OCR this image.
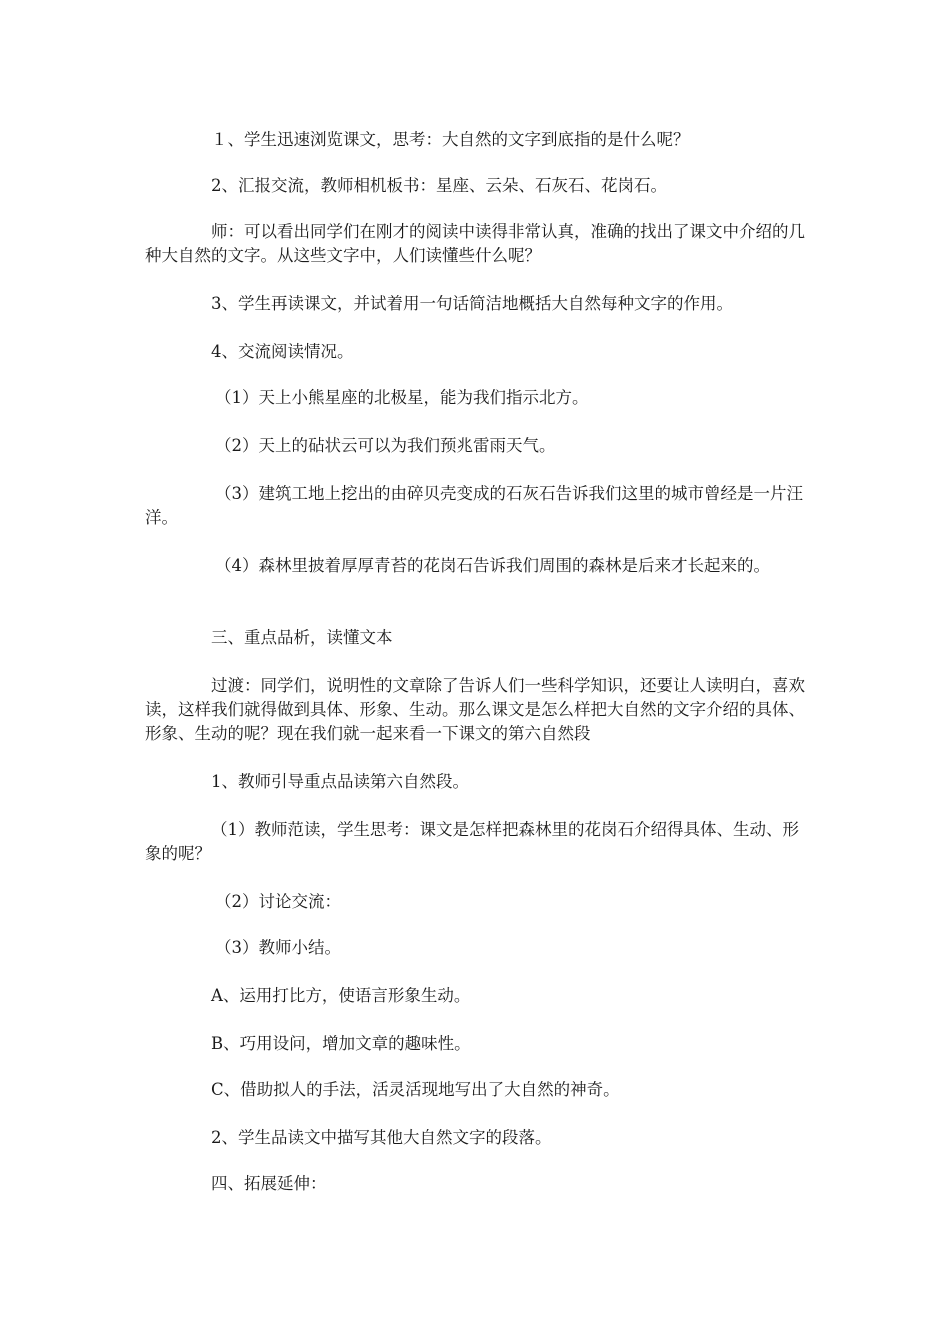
１、学生迅速浏览课文，思考：大自然的文字到底指的是什么呢？

2、汇报交流，教师相机板书：星座、云朵、石灰石、花岗石。

师：可以看出同学们在刚才的阅读中读得非常认真，准确的找出了课文中介绍的几种大自然的文字。从这些文字中，人们读懂些什么呢？

3、学生再读课文，并试着用一句话简洁地概括大自然每种文字的作用。

4、交流阅读情况。

（1）天上小熊星座的北极星，能为我们指示北方。

（2）天上的砧状云可以为我们预兆雷雨天气。

（3）建筑工地上挖出的由碎贝壳变成的石灰石告诉我们这里的城市曾经是一片汪洋。

（4）森林里披着厚厚青苔的花岗石告诉我们周围的森林是后来才长起来的。

三、重点品析，读懂文本

过渡：同学们，说明性的文章除了告诉人们一些科学知识，还要让人读明白，喜欢读，这样我们就得做到具体、形象、生动。那么课文是怎么样把大自然的文字介绍的具体、形象、生动的呢？现在我们就一起来看一下课文的第六自然段

1、教师引导重点品读第六自然段。

（1）教师范读，学生思考：课文是怎样把森林里的花岗石介绍得具体、生动、形象的呢？

（2）讨论交流：

（3）教师小结。

A、运用打比方，使语言形象生动。

B、巧用设问，增加文章的趣味性。

C、借助拟人的手法，活灵活现地写出了大自然的神奇。

2、学生品读文中描写其他大自然文字的段落。

四、拓展延伸：
